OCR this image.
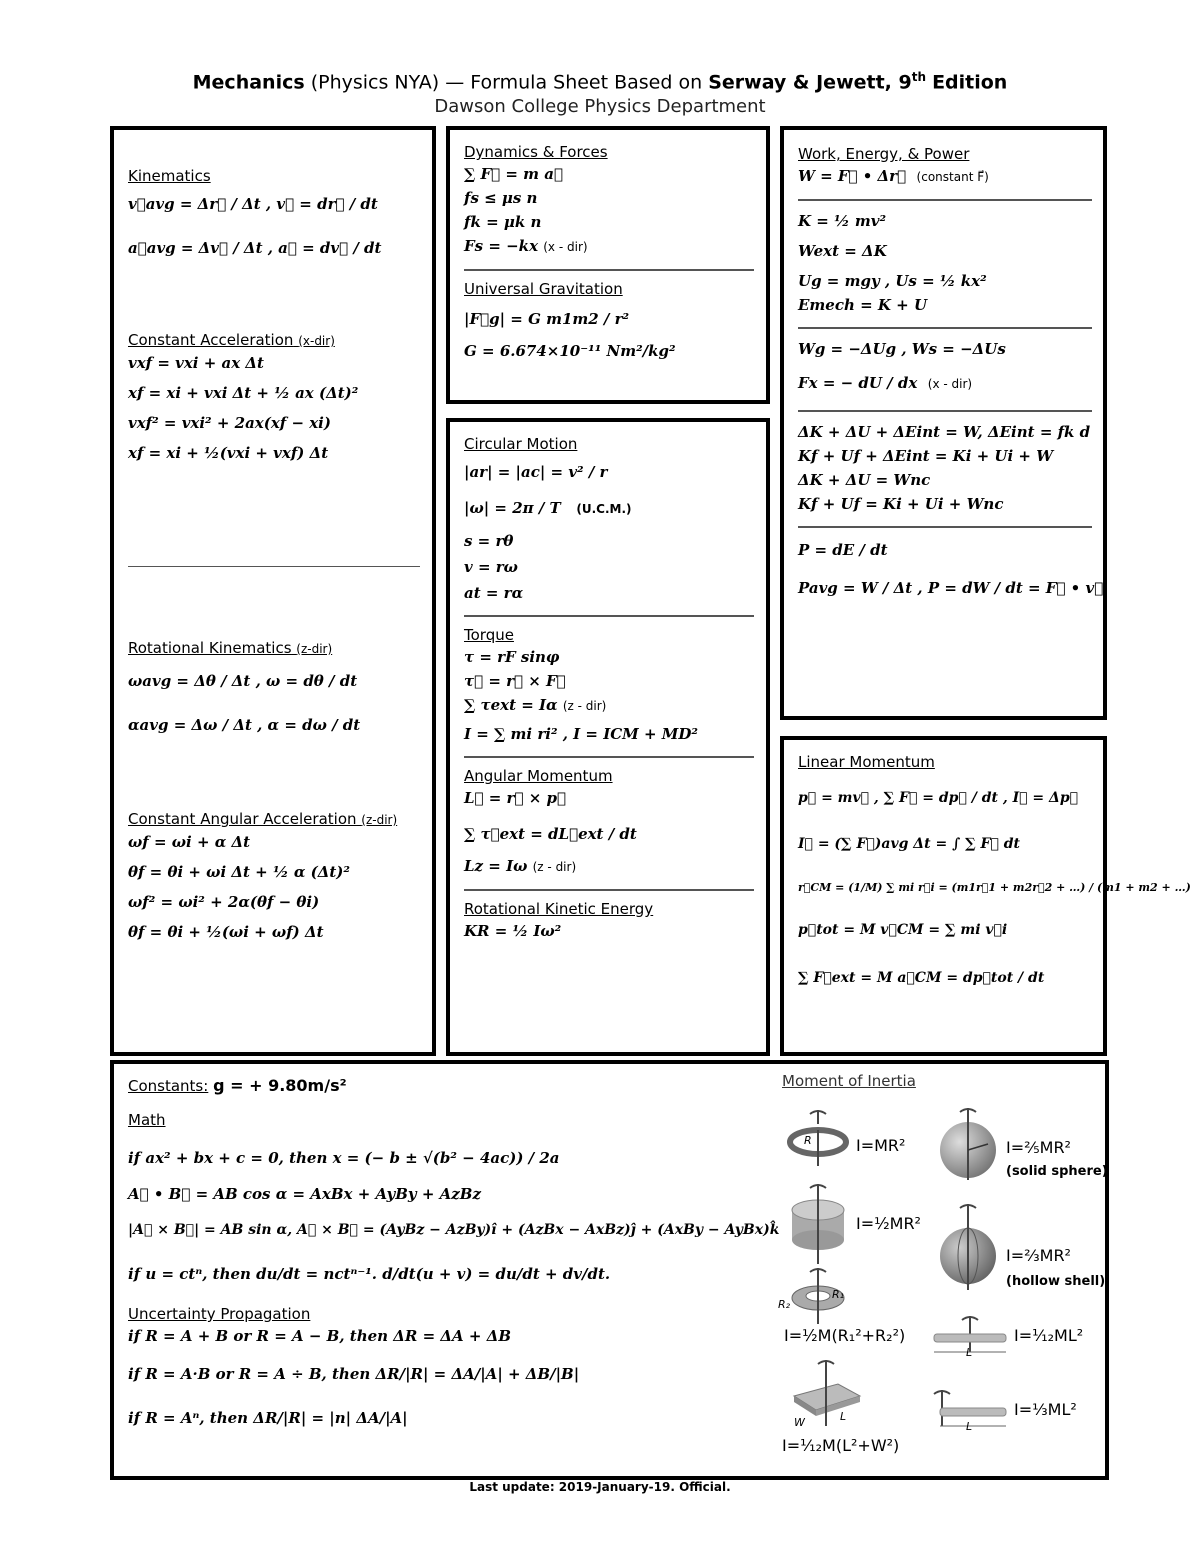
Mechanics (Physics NYA) — Formula Sheet Based on Serway & Jewett, 9th Edition
Dawson College Physics Department

Kinematics

v⃗avg = Δr⃗ / Δt , v⃗ = dr⃗ / dt
a⃗avg = Δv⃗ / Δt , a⃗ = dv⃗ / dt

Constant Acceleration (x-dir)

vxf = vxi + ax Δt
xf = xi + vxi Δt + ½ ax (Δt)²
vxf² = vxi² + 2ax(xf − xi)
xf = xi + ½(vxi + vxf) Δt

Rotational Kinematics (z-dir)

ωavg = Δθ / Δt , ω = dθ / dt
αavg = Δω / Δt , α = dω / dt

Constant Angular Acceleration (z-dir)

ωf = ωi + α Δt
θf = θi + ωi Δt + ½ α (Δt)²
ωf² = ωi² + 2α(θf − θi)
θf = θi + ½(ωi + ωf) Δt

Dynamics & Forces

∑ F⃗ = m a⃗
fs ≤ μs n
fk = μk n
Fs = −kx (x - dir)

Universal Gravitation

|F⃗g| = G m1m2 / r²
G = 6.674×10⁻¹¹ Nm²/kg²

Circular Motion

|ar| = |ac| = v² / r
|ω| = 2π / T (U.C.M.)
s = rθ
v = rω
at = rα

Torque

τ = rF sinφ
τ⃗ = r⃗ × F⃗
∑ τext = Iα (z - dir)
I = ∑ mi ri² , I = ICM + MD²

Angular Momentum

L⃗ = r⃗ × p⃗
∑ τ⃗ext = dL⃗ext / dt
Lz = Iω (z - dir)

Rotational Kinetic Energy

KR = ½ Iω²

Work, Energy, & Power

W = F⃗ • Δr⃗ (constant F⃗)
K = ½ mv²
Wext = ΔK
Ug = mgy , Us = ½ kx²
Emech = K + U
Wg = −ΔUg , Ws = −ΔUs
Fx = − dU / dx (x - dir)
ΔK + ΔU + ΔEint = W, ΔEint = fk d
Kf + Uf + ΔEint = Ki + Ui + W
ΔK + ΔU = Wnc
Kf + Uf = Ki + Ui + Wnc
P = dE / dt
Pavg = W / Δt , P = dW / dt = F⃗ • v⃗

Linear Momentum

p⃗ = mv⃗ , ∑ F⃗ = dp⃗ / dt , I⃗ = Δp⃗
I⃗ = (∑ F⃗)avg Δt = ∫ ∑ F⃗ dt
r⃗CM = (1/M) ∑ mi r⃗i = (m1r⃗1 + m2r⃗2 + …) / (m1 + m2 + …)
p⃗tot = M v⃗CM = ∑ mi v⃗i
∑ F⃗ext = M a⃗CM = dp⃗tot / dt

Constants: g = + 9.80m/s²

Math

if ax² + bx + c = 0, then x = (− b ± √(b² − 4ac)) / 2a
A⃗ • B⃗ = AB cos α = AxBx + AyBy + AzBz
|A⃗ × B⃗| = AB sin α, A⃗ × B⃗ = (AyBz − AzBy)î + (AzBx − AxBz)ĵ + (AxBy − AyBx)k̂
if u = ctⁿ, then du/dt = nctⁿ⁻¹. d/dt(u + v) = du/dt + dv/dt.

Uncertainty Propagation

if R = A + B or R = A − B, then ΔR = ΔA + ΔB
if R = A·B or R = A ÷ B, then ΔR/|R| = ΔA/|A| + ΔB/|B|
if R = Aⁿ, then ΔR/|R| = |n| ΔA/|A|
Moment of Inertia
R	I=MR²	I=⅖MR²
(solid sphere)
I=½MR²
I=⅔MR²
(hollow shell)
R₂
R₁
I=½M(R₁²+R₂²)
L
I=¹⁄₁₂ML²
W	L
I=¹⁄₁₂M(L²+W²)
L
I=⅓ML²
Last update: 2019-January-19. Official.
